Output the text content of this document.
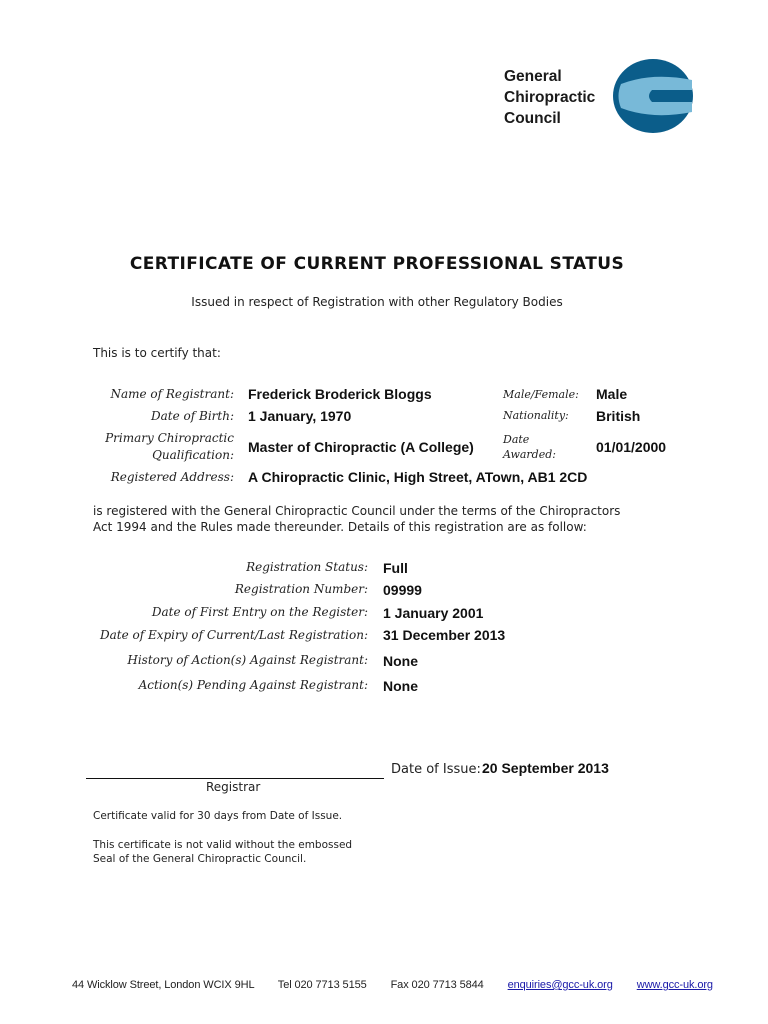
General
Chiropractic
Council
CERTIFICATE OF CURRENT PROFESSIONAL STATUS
Issued in respect of Registration with other Regulatory Bodies
This is to certify that:
Name of Registrant: Frederick Broderick Bloggs
Date of Birth: 1 January, 1970
Primary Chiropractic
Qualification: Master of Chiropractic (A College)
Registered Address: A Chiropractic Clinic, High Street, ATown, AB1 2CD
Male/Female: Male
Nationality: British
Date
Awarded:	01/01/2000
is registered with the General Chiropractic Council under the terms of the Chiropractors
Act 1994 and the Rules made thereunder. Details of this registration are as follow:
Registration Status: Full
Registration Number: 09999
Date of First Entry on the Register: 1 January 2001
Date of Expiry of Current/Last Registration: 31 December 2013
History of Action(s) Against Registrant: None
Action(s) Pending Against Registrant: None
Registrar
Date of Issue: 20 September 2013
Certificate valid for 30 days from Date of Issue.
This certificate is not valid without the embossed
Seal of the General Chiropractic Council.
44 Wicklow Street, London WCIX 9HL Tel 020 7713 5155 Fax 020 7713 5844 enquiries@gcc-uk.org www.gcc-uk.org
